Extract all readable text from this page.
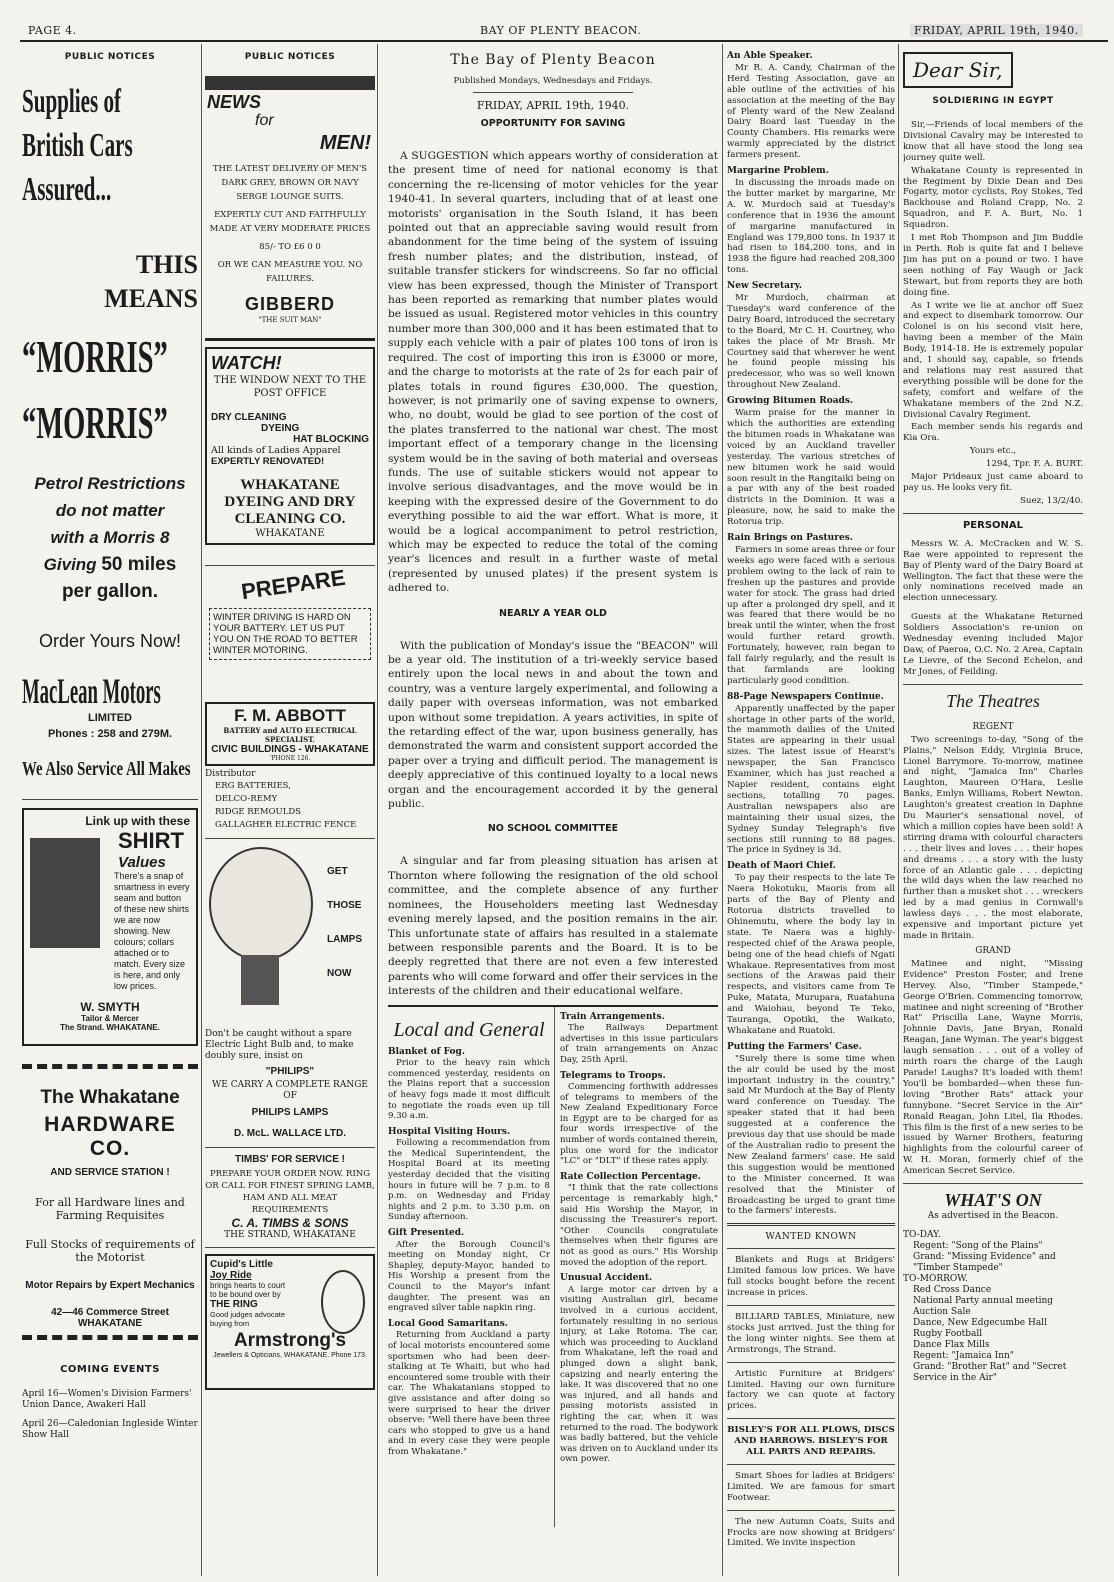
PAGE 4.	BAY OF PLENTY BEACON.	FRIDAY, APRIL 19th, 1940.
PUBLIC NOTICES
Supplies of
British Cars
Assured...
THIS
MEANS
“MORRIS”
“MORRIS”
Petrol Restrictions
do not matter
with a Morris 8
Giving 50 miles
per gallon.
Order Yours Now!
MacLean Motors
LIMITED
Phones : 258 and 279M.
We Also Service All Makes
Link up with these
SHIRT
Values
There's a snap of smartness in every seam and button of these new shirts we are now showing. New colours; collars attached or to match. Every size is here, and only low prices.
W. SMYTH
Tailor & Mercer
The Strand. WHAKATANE.
The Whakatane
HARDWARE CO.
AND SERVICE STATION !
For all Hardware lines and Farming Requisites
Full Stocks of requirements of the Motorist
Motor Repairs by Expert Mechanics
42—46 Commerce Street
WHAKATANE
COMING EVENTS
April 16—Women's Division Farmers' Union Dance, Awakeri Hall
April 26—Caledonian Ingleside Winter Show Hall
PUBLIC NOTICES
NEWS
for
MEN!
THE LATEST DELIVERY OF MEN'S DARK GREY, BROWN OR NAVY SERGE LOUNGE SUITS.
EXPERTLY CUT AND FAITHFULLY MADE AT VERY MODERATE PRICES
85/- TO £6 0 0
OR WE CAN MEASURE YOU. NO FAILURES.
GIBBERD
"THE SUIT MAN"
WATCH!
THE WINDOW NEXT TO THE POST OFFICE
DRY CLEANING
DYEING
HAT BLOCKING
All kinds of Ladies Apparel
EXPERTLY RENOVATED!
WHAKATANE DYEING AND DRY CLEANING CO.
WHAKATANE
PREPARE
WINTER DRIVING IS HARD ON YOUR BATTERY. LET US PUT YOU ON THE ROAD TO BETTER WINTER MOTORING.
F. M. ABBOTT
BATTERY and AUTO ELECTRICAL SPECIALIST.
CIVIC BUILDINGS - WHAKATANE
'PHONE 126.
Distributor
ERG BATTERIES,
DELCO-REMY
RIDGE REMOULDS
GALLAGHER ELECTRIC FENCE
GET
THOSE
LAMPS
NOW
Don't be caught without a spare Electric Light Bulb and, to make doubly sure, insist on
"PHILIPS"
WE CARRY A COMPLETE RANGE OF
PHILIPS LAMPS
D. McL. WALLACE LTD.
TIMBS' FOR SERVICE !
PREPARE YOUR ORDER NOW. RING OR CALL FOR FINEST SPRING LAMB, HAM AND ALL MEAT REQUIREMENTS
C. A. TIMBS & SONS
THE STRAND, WHAKATANE
Cupid's Little
Joy Ride
brings hearts to court to be bound over by
THE RING
Good judges advocate buying from
Armstrong's
Jewellers & Opticians, WHAKATANE. Phone 173.
The Bay of Plenty Beacon
Published Mondays, Wednesdays and Fridays.
FRIDAY, APRIL 19th, 1940.
OPPORTUNITY FOR SAVING

A SUGGESTION which appears worthy of consideration at the present time of need for national economy is that concerning the re-licensing of motor vehicles for the year 1940-41. In several quarters, including that of at least one motorists' organisation in the South Island, it has been pointed out that an appreciable saving would result from abandonment for the time being of the system of issuing fresh number plates; and the distribution, instead, of suitable transfer stickers for windscreens. So far no official view has been expressed, though the Minister of Transport has been reported as remarking that number plates would be issued as usual. Registered motor vehicles in this country number more than 300,000 and it has been estimated that to supply each vehicle with a pair of plates 100 tons of iron is required. The cost of importing this iron is £3000 or more, and the charge to motorists at the rate of 2s for each pair of plates totals in round figures £30,000. The question, however, is not primarily one of saving expense to owners, who, no doubt, would be glad to see portion of the cost of the plates transferred to the national war chest. The most important effect of a temporary change in the licensing system would be in the saving of both material and overseas funds. The use of suitable stickers would not appear to involve serious disadvantages, and the move would be in keeping with the expressed desire of the Government to do everything possible to aid the war effort. What is more, it would be a logical accompaniment to petrol restriction, which may be expected to reduce the total of the coming year's licences and result in a further waste of metal (represented by unused plates) if the present system is adhered to.

NEARLY A YEAR OLD

With the publication of Monday's issue the "BEACON" will be a year old. The institution of a tri-weekly service based entirely upon the local news in and about the town and country, was a venture largely experimental, and following a daily paper with overseas information, was not embarked upon without some trepidation. A years activities, in spite of the retarding effect of the war, upon business generally, has demonstrated the warm and consistent support accorded the paper over a trying and difficult period. The management is deeply appreciative of this continued loyalty to a local news organ and the encouragement accorded it by the general public.

NO SCHOOL COMMITTEE

A singular and far from pleasing situation has arisen at Thornton where following the resignation of the old school committee, and the complete absence of any further nominees, the Householders meeting last Wednesday evening merely lapsed, and the position remains in the air. This unfortunate state of affairs has resulted in a stalemate between responsible parents and the Board. It is to be deeply regretted that there are not even a few interested parents who will come forward and offer their services in the interests of the children and their educational welfare.

Local and General
Blanket of Fog.

Prior to the heavy rain which commenced yesterday, residents on the Plains report that a succession of heavy fogs made it most difficult to negotiate the roads even up till 9.30 a.m.

Hospital Visiting Hours.

Following a recommendation from the Medical Superintendent, the Hospital Board at its meeting yesterday decided that the visiting hours in future will be 7 p.m. to 8 p.m. on Wednesday and Friday nights and 2 p.m. to 3.30 p.m. on Sunday afternoon.

Gift Presented.

After the Borough Council's meeting on Monday night, Cr Shapley, deputy-Mayor, handed to His Worship a present from the Council to the Mayor's infant daughter. The present was an engraved silver table napkin ring.

Local Good Samaritans.

Returning from Auckland a party of local motorists encountered some sportsmen who had been deer-stalking at Te Whaiti, but who had encountered some trouble with their car. The Whakatanians stopped to give assistance and after doing so were surprised to hear the driver observe: "Well there have been three cars who stopped to give us a hand and in every case they were people from Whakatane."

Train Arrangements.

The Railways Department advertises in this issue particulars of train arrangements on Anzac Day, 25th April.

Telegrams to Troops.

Commencing forthwith addresses of telegrams to members of the New Zealand Expeditionary Force in Egypt are to be charged for as four words irrespective of the number of words contained therein, plus one word for the indicator "LC" or "DLT" if these rates apply.

Rate Collection Percentage.

"I think that the rate collections percentage is remarkably high," said His Worship the Mayor, in discussing the Treasurer's report. "Other Councils congratulate themselves when their figures are not as good as ours." His Worship moved the adoption of the report.

Unusual Accident.

A large motor car driven by a visiting Australian girl, became involved in a curious accident, fortunately resulting in no serious injury, at Lake Rotoma. The car, which was proceeding to Auckland from Whakatane, left the road and plunged down a slight bank, capsizing and nearly entering the lake. It was discovered that no one was injured, and all hands and passing motorists assisted in righting the car, when it was returned to the road. The bodywork was badly battered, but the vehicle was driven on to Auckland under its own power.

An Able Speaker.

Mr R. A. Candy, Chairman of the Herd Testing Association, gave an able outline of the activities of his association at the meeting of the Bay of Plenty ward of the New Zealand Dairy Board last Tuesday in the County Chambers. His remarks were warmly appreciated by the district farmers present.

Margarine Problem.

In discussing the inroads made on the butter market by margarine, Mr A. W. Murdoch said at Tuesday's conference that in 1936 the amount of margarine manufactured in England was 179,800 tons. In 1937 it had risen to 184,200 tons, and in 1938 the figure had reached 208,300 tons.

New Secretary.

Mr Murdoch, chairman at Tuesday's ward conference of the Dairy Board, introduced the secretary to the Board, Mr C. H. Courtney, who takes the place of Mr Brash. Mr Courtney said that wherever he went he found people missing his predecessor, who was so well known throughout New Zealand.

Growing Bitumen Roads.

Warm praise for the manner in which the authorities are extending the bitumen roads in Whakatane was voiced by an Auckland traveller yesterday. The various stretches of new bitumen work he said would soon result in the Rangitaiki being on a par with any of the best roaded districts in the Dominion. It was a pleasure, now, he said to make the Rotorua trip.

Rain Brings on Pastures.

Farmers in some areas three or four weeks ago were faced with a serious problem owing to the lack of rain to freshen up the pastures and provide water for stock. The grass had dried up after a prolonged dry spell, and it was feared that there would be no break until the winter, when the frost would further retard growth. Fortunately, however, rain began to fall fairly regularly, and the result is that farmlands are looking particularly good condition.

88-Page Newspapers Continue.

Apparently unaffected by the paper shortage in other parts of the world, the mammoth dailies of the United States are appearing in their usual sizes. The latest issue of Hearst's newspaper, the San Francisco Examiner, which has just reached a Napier resident, contains eight sections, totalling 70 pages. Australian newspapers also are maintaining their usual sizes, the Sydney Sunday Telegraph's five sections still running to 88 pages. The price in Sydney is 3d.

Death of Maori Chief.

To pay their respects to the late Te Naera Hokotuku, Maoris from all parts of the Bay of Plenty and Rotorua districts travelled to Ohinemutu, where the body lay in state. Te Naera was a highly-respected chief of the Arawa people, being one of the head chiefs of Ngati Whakaue. Representatives from most sections of the Arawas paid their respects, and visitors came from Te Puke, Matata, Murupara, Ruatahuna and Waiohau, beyond Te Teko, Tauranga, Opotiki, the Waikato, Whakatane and Ruatoki.

Putting the Farmers' Case.

"Surely there is some time when the air could be used by the most important industry in the country," said Mr Murdoch at the Bay of Plenty ward conference on Tuesday. The speaker stated that it had been suggested at a conference the previous day that use should be made of the Australian radio to present the New Zealand farmers' case. He said this suggestion would be mentioned to the Minister concerned. It was resolved that the Minister of Broadcasting be urged to grant time to the farmers' interests.

WANTED KNOWN

Blankets and Rugs at Bridgers' Limited famous low prices. We have full stocks bought before the recent increase in prices.

BILLIARD TABLES, Miniature, new stocks just arrived. Just the thing for the long winter nights. See them at Armstrongs, The Strand.

Artistic Furniture at Bridgers' Limited. Having our own furniture factory we can quote at factory prices.

BISLEY'S FOR ALL PLOWS, DISCS AND HARROWS. BISLEY'S FOR ALL PARTS AND REPAIRS.

Smart Shoes for ladies at Bridgers' Limited. We are famous for smart Footwear.

The new Autumn Coats, Suits and Frocks are now showing at Bridgers' Limited. We invite inspection

Dear Sir,
SOLDIERING IN EGYPT

Sir,—Friends of local members of the Divisional Cavalry may be interested to know that all have stood the long sea journey quite well.

Whakatane County is represented in the Regiment by Dixie Dean and Des Fogarty, motor cyclists, Roy Stokes, Ted Backhouse and Roland Crapp, No. 2 Squadron, and F. A. Burt, No. 1 Squadron.

I met Rob Thompson and Jim Buddle in Perth. Rob is quite fat and I believe Jim has put on a pound or two. I have seen nothing of Fay Waugh or Jack Stewart, but from reports they are both doing fine.

As I write we lie at anchor off Suez and expect to disembark tomorrow. Our Colonel is on his second visit here, having been a member of the Main Body, 1914-18. He is extremely popular and, I should say, capable, so friends and relations may rest assured that everything possible will be done for the safety, comfort and welfare of the Whakatane members of the 2nd N.Z. Divisional Cavalry Regiment.

Each member sends his regards and Kia Ora.

Yours etc.,

1294, Tpr. F. A. BURT.

Major Prideaux just came aboard to pay us. He looks very fit.

Suez, 13/2/40.

PERSONAL

Messrs W. A. McCracken and W. S. Rae were appointed to represent the Bay of Plenty ward of the Dairy Board at Wellington. The fact that these were the only nominations received made an election unnecessary.

Guests at the Whakatane Returned Soldiers Association's re-union on Wednesday evening included Major Daw, of Paeroa, O.C. No. 2 Area, Captain Le Lievre, of the Second Echelon, and Mr Jones, of Feilding.

The Theatres
REGENT

Two screenings to-day, "Song of the Plains," Nelson Eddy, Virginia Bruce, Lionel Barrymore. To-morrow, matinee and night, "Jamaica Inn" Charles Laughton, Maureen O'Hara, Leslie Banks, Emlyn Williams, Robert Newton. Laughton's greatest creation in Daphne Du Maurier's sensational novel, of which a million copies have been sold! A stirring drama with colourful characters . . . their lives and loves . . . their hopes and dreams . . . a story with the lusty force of an Atlantic gale . . . depicting the wild days when the law reached no further than a musket shot . . . wreckers led by a mad genius in Cornwall's lawless days . . . the most elaborate, expensive and important picture yet made in Britain.

GRAND

Matinee and night, "Missing Evidence" Preston Foster, and Irene Hervey. Also, "Timber Stampede," George O'Brien. Commencing tomorrow, matinee and night screening of "Brother Rat" Priscilla Lane, Wayne Morris, Johnnie Davis, Jane Bryan, Ronald Reagan, Jane Wyman. The year's biggest laugh sensation . . . out of a volley of mirth roars the charge of the Laugh Parade! Laughs? It's loaded with them! You'll be bombarded—when these fun-loving "Brother Rats" attack your funnybone. "Secret Service in the Air" Ronald Reagan, John Litel, Ila Rhodes. This film is the first of a new series to be issued by Warner Brothers, featuring highlights from the colourful career of W. H. Moran, formerly chief of the American Secret Service.

WHAT'S ON
As advertised in the Beacon.
TO-DAY.
Regent: "Song of the Plains"
Grand: "Missing Evidence" and "Timber Stampede"
TO-MORROW.
Red Cross Dance
National Party annual meeting
Auction Sale
Dance, New Edgecumbe Hall
Rugby Football
Dance Flax Mills
Regent: "Jamaica Inn"
Grand: "Brother Rat" and "Secret Service in the Air"
